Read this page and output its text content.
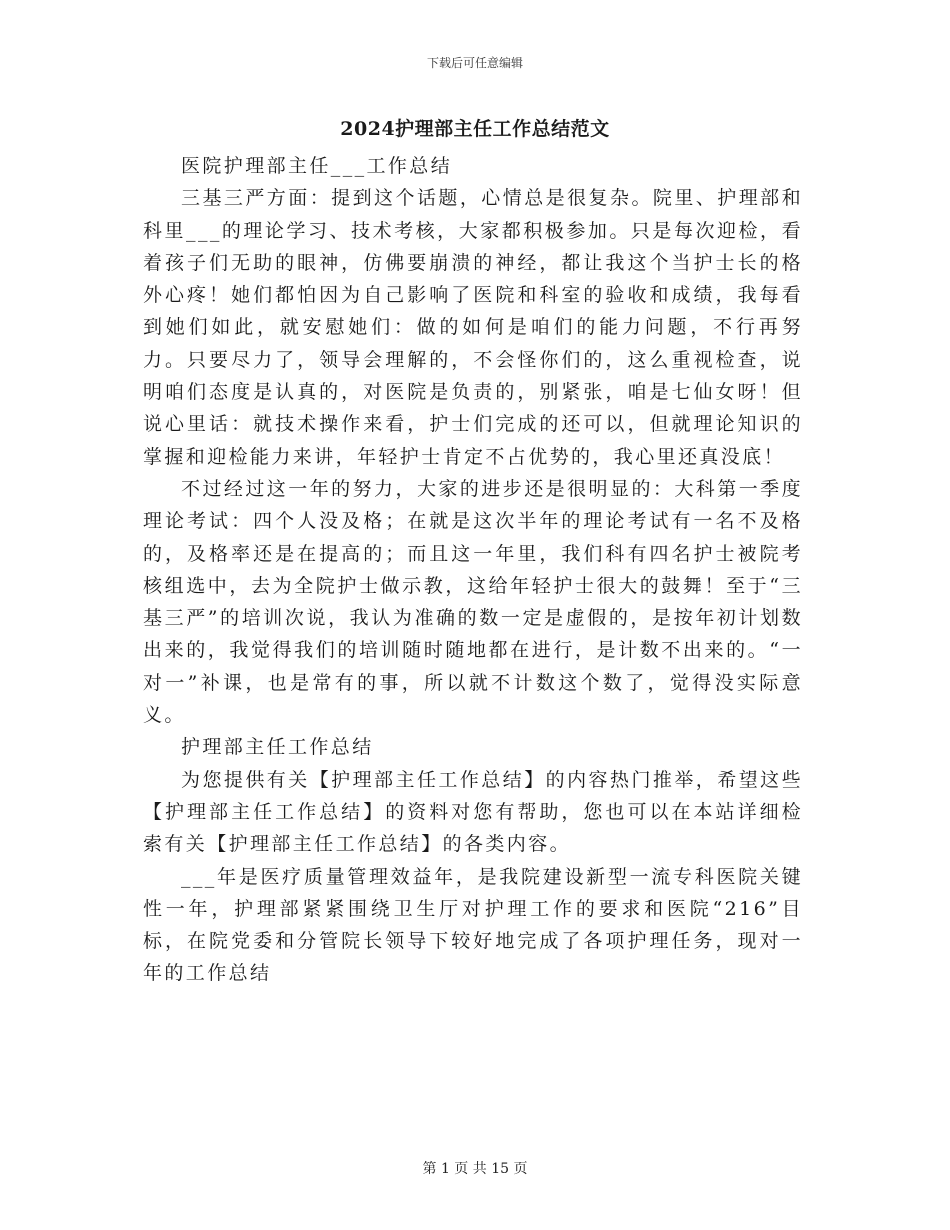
下载后可任意编辑
2024护理部主任工作总结范文

医院护理部主任___工作总结

三基三严方面：提到这个话题，心情总是很复杂。院里、护理部和科里___的理论学习、技术考核，大家都积极参加。只是每次迎检，看着孩子们无助的眼神，仿佛要崩溃的神经，都让我这个当护士长的格外心疼！她们都怕因为自己影响了医院和科室的验收和成绩，我每看到她们如此，就安慰她们：做的如何是咱们的能力问题，不行再努力。只要尽力了，领导会理解的，不会怪你们的，这么重视检查，说明咱们态度是认真的，对医院是负责的，别紧张，咱是七仙女呀！但说心里话：就技术操作来看，护士们完成的还可以，但就理论知识的掌握和迎检能力来讲，年轻护士肯定不占优势的，我心里还真没底！

不过经过这一年的努力，大家的进步还是很明显的：大科第一季度理论考试：四个人没及格；在就是这次半年的理论考试有一名不及格的，及格率还是在提高的；而且这一年里，我们科有四名护士被院考核组选中，去为全院护士做示教，这给年轻护士很大的鼓舞！至于“三基三严”的培训次说，我认为准确的数一定是虚假的，是按年初计划数出来的，我觉得我们的培训随时随地都在进行，是计数不出来的。“一对一”补课，也是常有的事，所以就不计数这个数了，觉得没实际意义。

护理部主任工作总结

为您提供有关【护理部主任工作总结】的内容热门推举，希望这些【护理部主任工作总结】的资料对您有帮助，您也可以在本站详细检索有关【护理部主任工作总结】的各类内容。

___年是医疗质量管理效益年，是我院建设新型一流专科医院关键性一年，护理部紧紧围绕卫生厅对护理工作的要求和医院“216”目标，在院党委和分管院长领导下较好地完成了各项护理任务，现对一年的工作总结

第 1 页 共 15 页
